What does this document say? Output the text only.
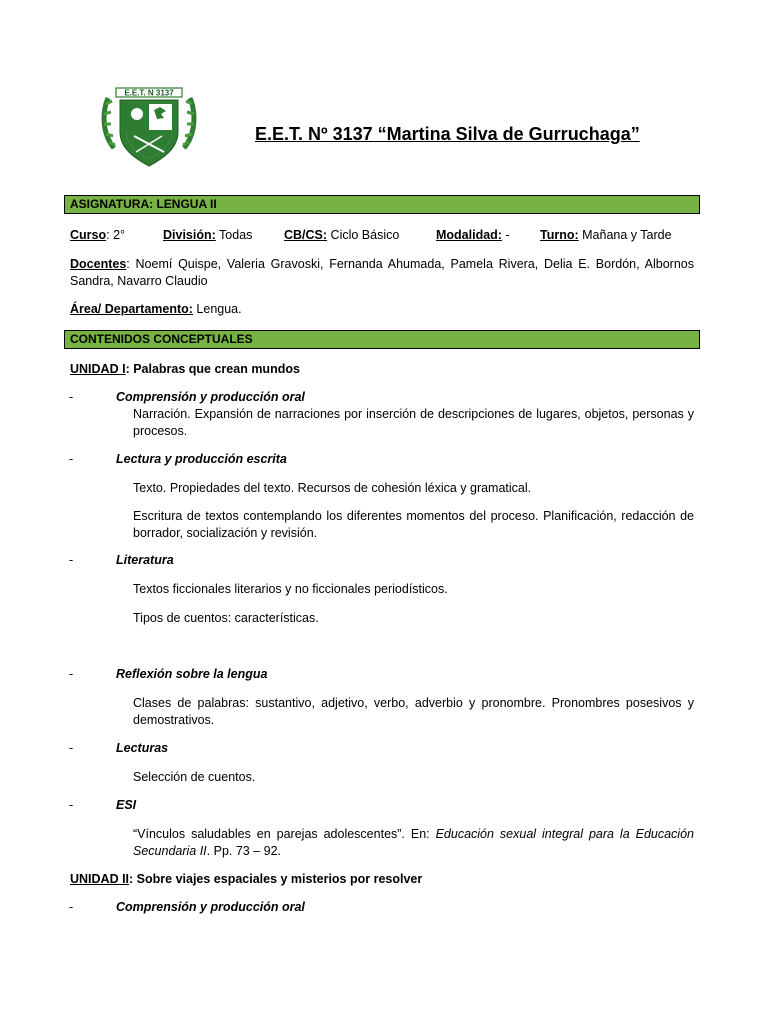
E.E.T. N 3137
E.E.T. Nº 3137 “Martina Silva de Gurruchaga”
ASIGNATURA: LENGUA II
Curso: 2°	División: Todas	CB/CS: Ciclo Básico	Modalidad: - Turno: Mañana y Tarde
Docentes: Noemí Quispe, Valeria Gravoski, Fernanda Ahumada, Pamela Rivera, Delia E. Bordón, Albornos Sandra, Navarro Claudio
Área/ Departamento: Lengua.
CONTENIDOS CONCEPTUALES
UNIDAD I: Palabras que crean mundos
-	Comprensión y producción oral
Narración. Expansión de narraciones por inserción de descripciones de lugares, objetos, personas y procesos.
-	Lectura y producción escrita
Texto. Propiedades del texto. Recursos de cohesión léxica y gramatical.
Escritura de textos contemplando los diferentes momentos del proceso. Planificación, redacción de borrador, socialización y revisión.
-	Literatura
Textos ficcionales literarios y no ficcionales periodísticos.
Tipos de cuentos: características.
-	Reflexión sobre la lengua
Clases de palabras: sustantivo, adjetivo, verbo, adverbio y pronombre. Pronombres posesivos y demostrativos.
-	Lecturas
Selección de cuentos.
-	ESI
“Vínculos saludables en parejas adolescentes”. En: Educación sexual integral para la Educación Secundaria II. Pp. 73 – 92.
UNIDAD II: Sobre viajes espaciales y misterios por resolver
-	Comprensión y producción oral
